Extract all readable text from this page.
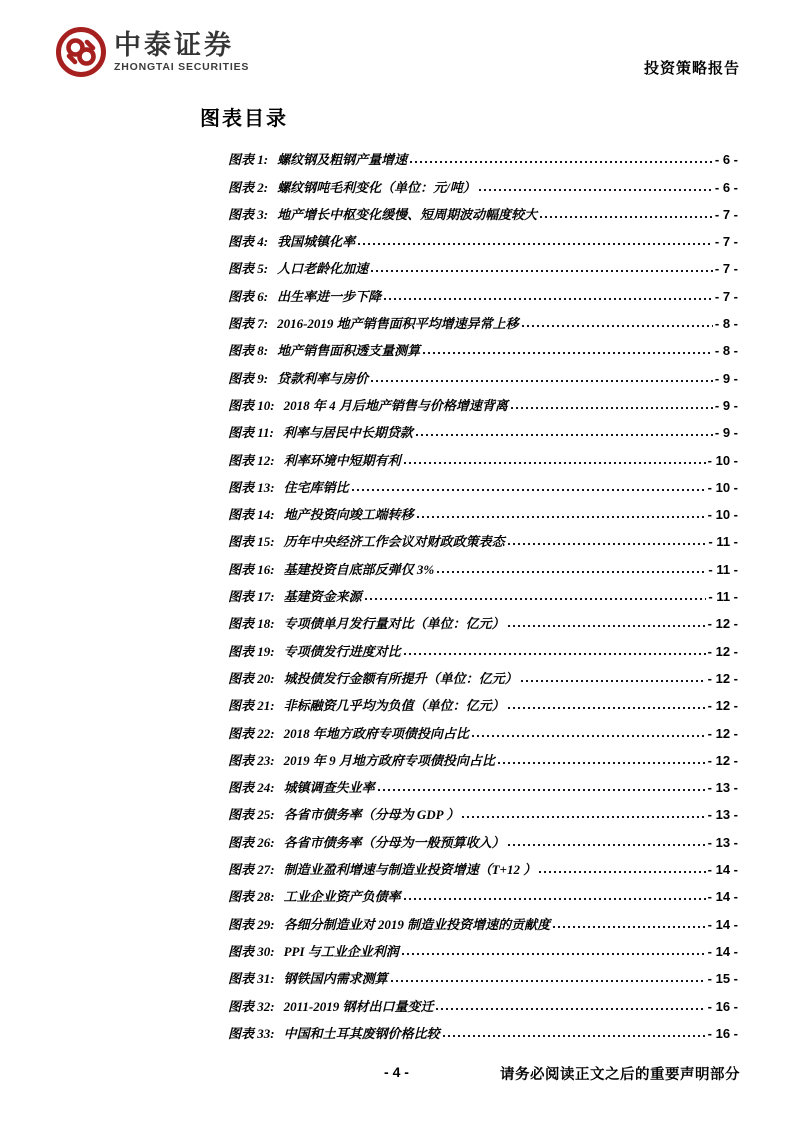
中泰证券
ZHONGTAI SECURITIES	投资策略报告
图表目录
图表 1: 螺纹钢及粗钢产量增速	- 6 -
图表 2: 螺纹钢吨毛利变化（单位：元/吨）	- 6 -
图表 3: 地产增长中枢变化缓慢、短周期波动幅度较大	- 7 -
图表 4: 我国城镇化率	- 7 -
图表 5: 人口老龄化加速	- 7 -
图表 6: 出生率进一步下降	- 7 -
图表 7: 2016-2019 地产销售面积平均增速异常上移	- 8 -
图表 8: 地产销售面积透支量测算	- 8 -
图表 9: 贷款利率与房价	- 9 -
图表 10: 2018 年 4 月后地产销售与价格增速背离	- 9 -
图表 11: 利率与居民中长期贷款	- 9 -
图表 12: 利率环境中短期有利	- 10 -
图表 13: 住宅库销比	- 10 -
图表 14: 地产投资向竣工端转移	- 10 -
图表 15: 历年中央经济工作会议对财政政策表态	- 11 -
图表 16: 基建投资自底部反弹仅 3%	- 11 -
图表 17: 基建资金来源	- 11 -
图表 18: 专项债单月发行量对比（单位：亿元）	- 12 -
图表 19: 专项债发行进度对比	- 12 -
图表 20: 城投债发行金额有所提升（单位：亿元）	- 12 -
图表 21: 非标融资几乎均为负值（单位：亿元）	- 12 -
图表 22: 2018 年地方政府专项债投向占比	- 12 -
图表 23: 2019 年 9 月地方政府专项债投向占比	- 12 -
图表 24: 城镇调查失业率	- 13 -
图表 25: 各省市债务率（分母为 GDP ）	- 13 -
图表 26: 各省市债务率（分母为一般预算收入）	- 13 -
图表 27: 制造业盈利增速与制造业投资增速（T+12 ）	- 14 -
图表 28: 工业企业资产负债率	- 14 -
图表 29: 各细分制造业对 2019 制造业投资增速的贡献度	- 14 -
图表 30: PPI 与工业企业利润	- 14 -
图表 31: 钢铁国内需求测算	- 15 -
图表 32: 2011-2019 钢材出口量变迁	- 16 -
图表 33: 中国和土耳其废钢价格比较	- 16 -
- 4 -	请务必阅读正文之后的重要声明部分
